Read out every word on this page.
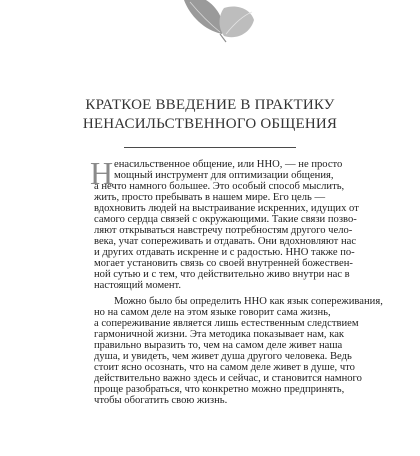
КРАТКОЕ ВВЕДЕНИЕ В ПРАКТИКУ
НЕНАСИЛЬСТВЕННОГО ОБЩЕНИЯ
Н енасильственное общение, или ННО, — не просто
мощный инструмент для оптимизации общения,
а нечто намного большее. Это особый способ мыслить,
жить, просто пребывать в нашем мире. Его цель —
вдохновить людей на выстраивание искренних, идущих от
самого сердца связей с окружающими. Такие связи позво-
ляют открываться навстречу потребностям другого чело-
века, учат сопереживать и отдавать. Они вдохновляют нас
и других отдавать искренне и с радостью. ННО также по-
могает установить связь со своей внутренней божествен-
ной сутью и с тем, что действительно живо внутри нас в
настоящий момент.
Можно было бы определить ННО как язык сопереживания,
но на самом деле на этом языке говорит сама жизнь,
а сопереживание является лишь естественным следствием
гармоничной жизни. Эта методика показывает нам, как
правильно выразить то, чем на самом деле живет наша
душа, и увидеть, чем живет душа другого человека. Ведь
стоит ясно осознать, что на самом деле живет в душе, что
действительно важно здесь и сейчас, и становится намного
проще разобраться, что конкретно можно предпринять,
чтобы обогатить свою жизнь.
